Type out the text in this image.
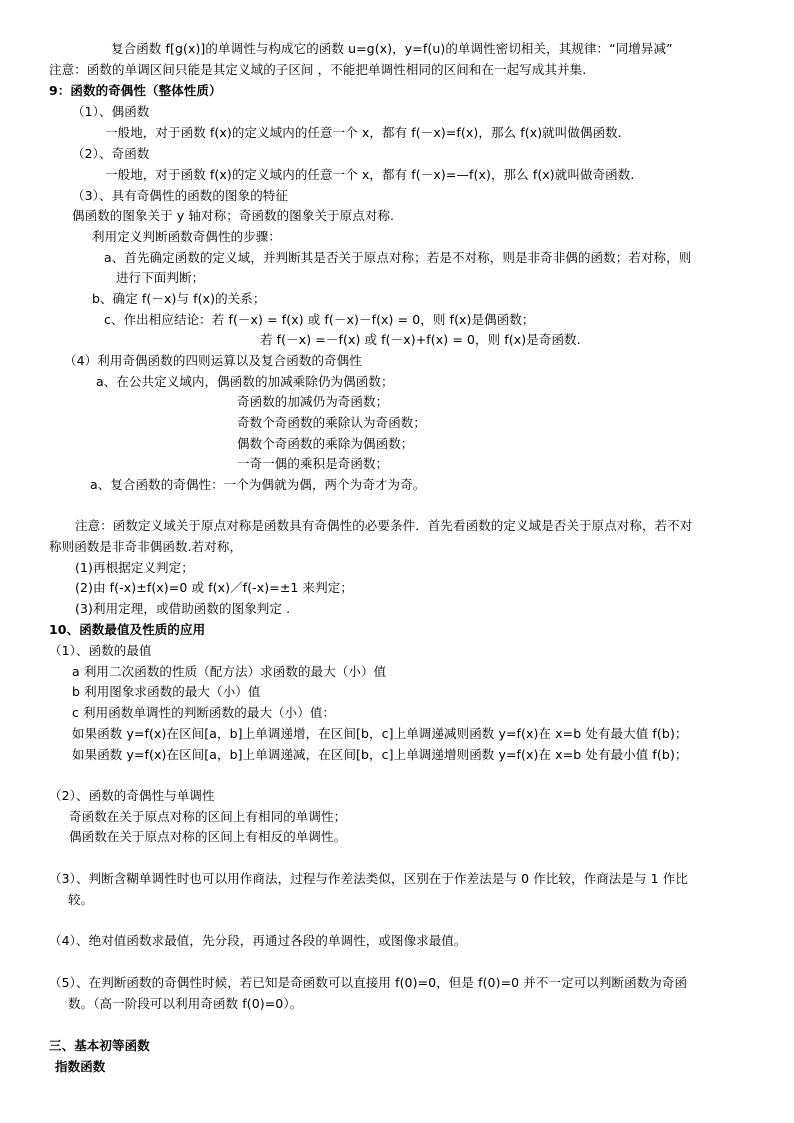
复合函数 f[g(x)]的单调性与构成它的函数 u=g(x)，y=f(u)的单调性密切相关，其规律：“同增异减”
注意：函数的单调区间只能是其定义域的子区间 ，不能把单调性相同的区间和在一起写成其并集.
9：函数的奇偶性（整体性质）
（1）、偶函数
一般地，对于函数 f(x)的定义域内的任意一个 x，都有 f(－x)=f(x)，那么 f(x)就叫做偶函数.
（2）、奇函数
一般地，对于函数 f(x)的定义域内的任意一个 x，都有 f(－x)=—f(x)，那么 f(x)就叫做奇函数.
（3）、具有奇偶性的函数的图象的特征
偶函数的图象关于 y 轴对称；奇函数的图象关于原点对称.
利用定义判断函数奇偶性的步骤：
a、首先确定函数的定义域，并判断其是否关于原点对称；若是不对称，则是非奇非偶的函数；若对称，则
进行下面判断；
b、确定 f(－x)与 f(x)的关系；
c、作出相应结论：若 f(－x) = f(x) 或 f(－x)－f(x) = 0，则 f(x)是偶函数；
若 f(－x) =－f(x) 或 f(－x)+f(x) = 0，则 f(x)是奇函数.
（4）利用奇偶函数的四则运算以及复合函数的奇偶性
a、在公共定义域内，偶函数的加减乘除仍为偶函数；
奇函数的加减仍为奇函数；
奇数个奇函数的乘除认为奇函数；
偶数个奇函数的乘除为偶函数；
一奇一偶的乘积是奇函数；
a、复合函数的奇偶性：一个为偶就为偶，两个为奇才为奇。
注意：函数定义域关于原点对称是函数具有奇偶性的必要条件．首先看函数的定义域是否关于原点对称，若不对
称则函数是非奇非偶函数.若对称，
(1)再根据定义判定；
(2)由 f(-x)±f(x)=0 或 f(x)／f(-x)=±1 来判定；
(3)利用定理，或借助函数的图象判定 .
10、函数最值及性质的应用
（1）、函数的最值
a 利用二次函数的性质（配方法）求函数的最大（小）值
b 利用图象求函数的最大（小）值
c 利用函数单调性的判断函数的最大（小）值：
如果函数 y=f(x)在区间[a，b]上单调递增，在区间[b，c]上单调递减则函数 y=f(x)在 x=b 处有最大值 f(b)；
如果函数 y=f(x)在区间[a，b]上单调递减，在区间[b，c]上单调递增则函数 y=f(x)在 x=b 处有最小值 f(b)；
（2）、函数的奇偶性与单调性
奇函数在关于原点对称的区间上有相同的单调性；
偶函数在关于原点对称的区间上有相反的单调性。
（3）、判断含糊单调性时也可以用作商法，过程与作差法类似，区别在于作差法是与 0 作比较，作商法是与 1 作比
较。
（4）、绝对值函数求最值，先分段，再通过各段的单调性，或图像求最值。
（5）、在判断函数的奇偶性时候，若已知是奇函数可以直接用 f(0)=0，但是 f(0)=0 并不一定可以判断函数为奇函
数。（高一阶段可以利用奇函数 f(0)=0）。
三、基本初等函数
指数函数
